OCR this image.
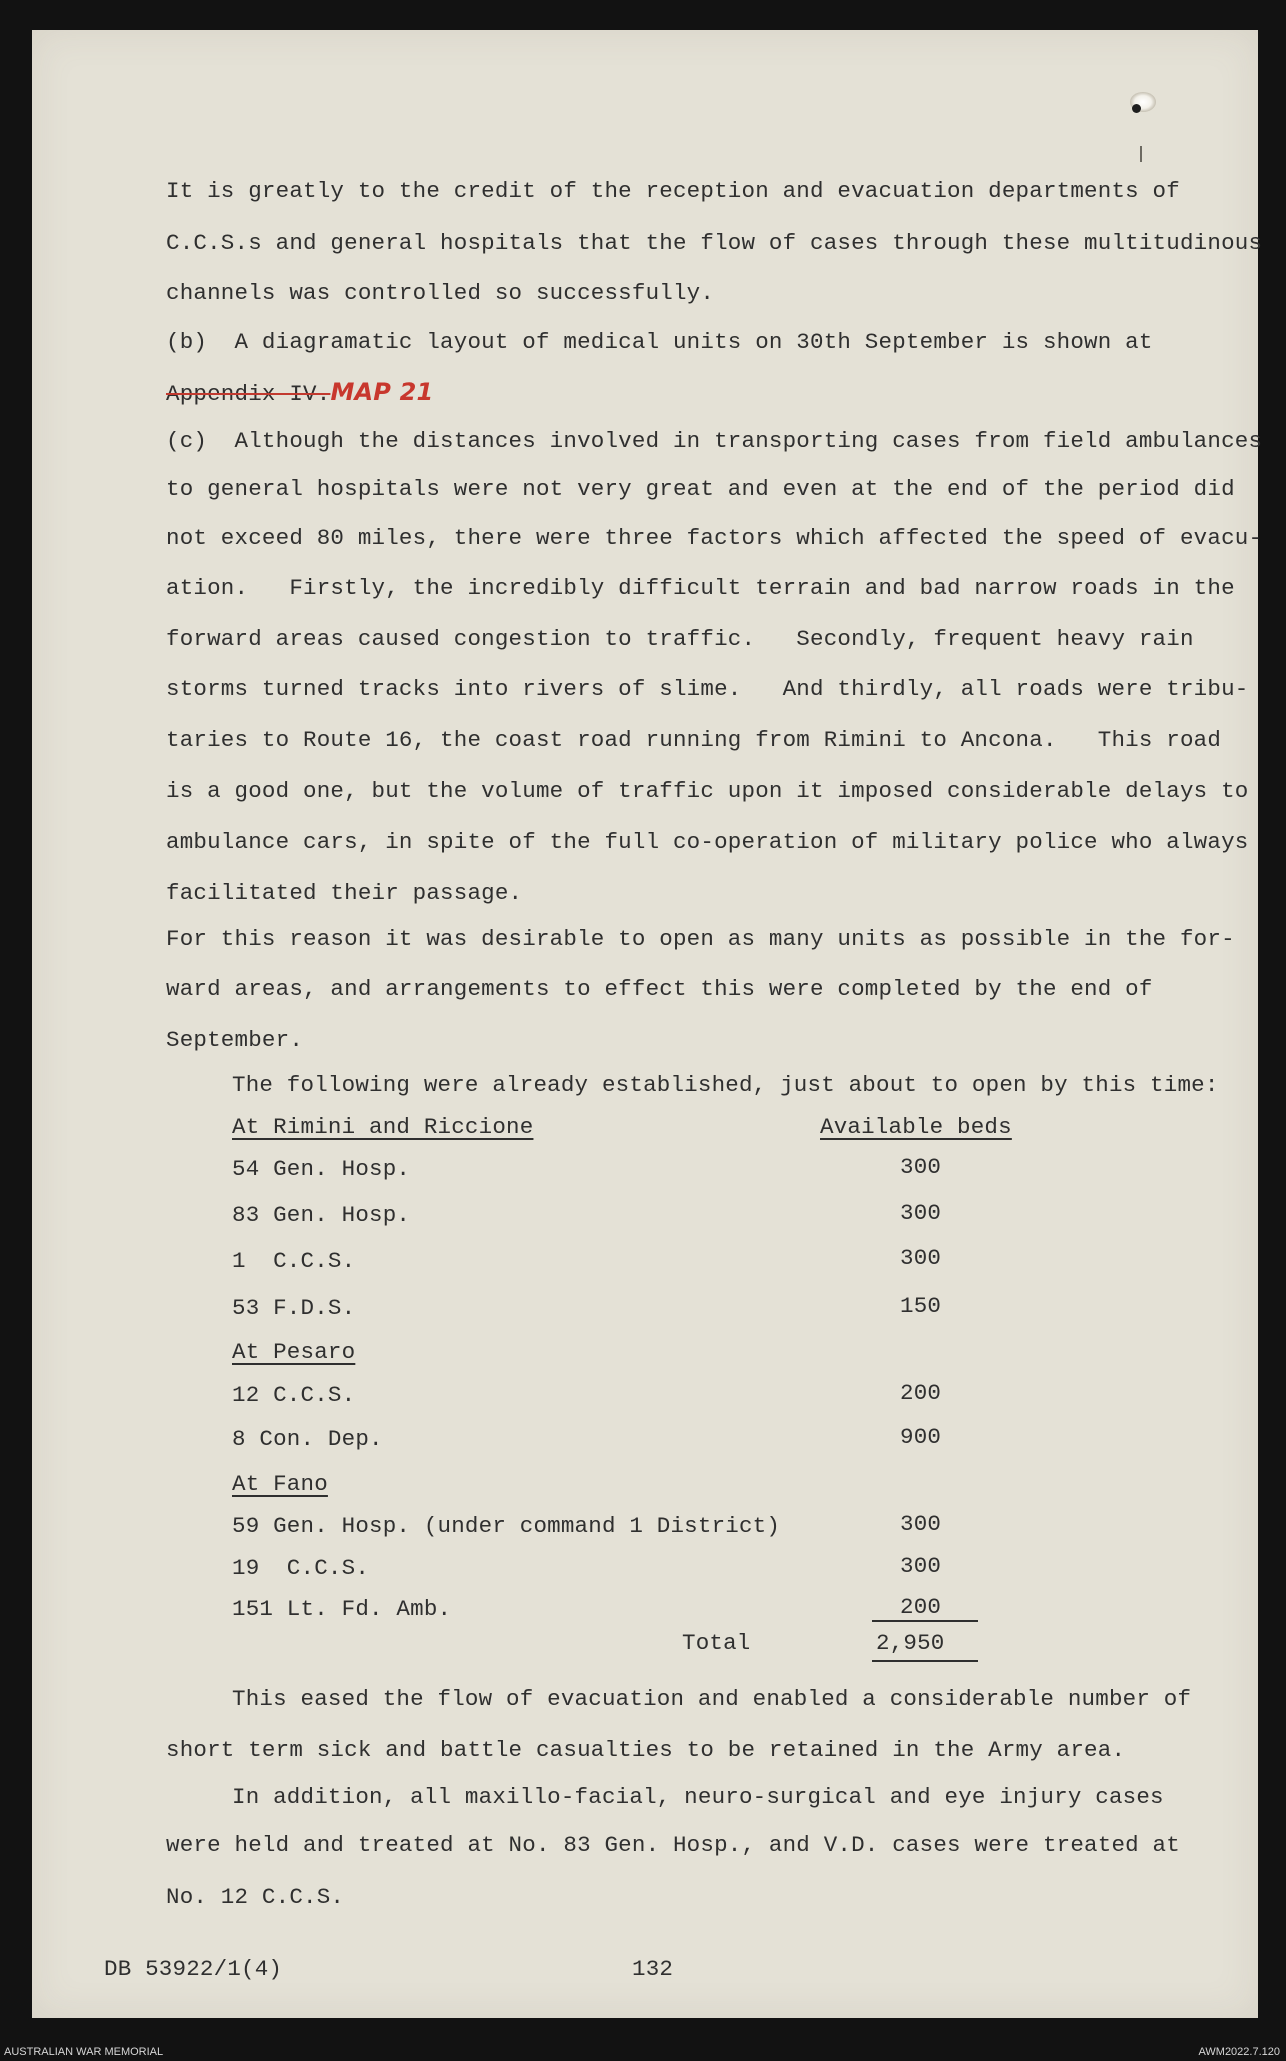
It is greatly to the credit of the reception and evacuation departments of
C.C.S.s and general hospitals that the flow of cases through these multitudinous
channels was controlled so successfully.
(b)  A diagramatic layout of medical units on 30th September is shown at
Appendix IV.MAP 21
(c)  Although the distances involved in transporting cases from field ambulances
to general hospitals were not very great and even at the end of the period did
not exceed 80 miles, there were three factors which affected the speed of evacu-
ation.   Firstly, the incredibly difficult terrain and bad narrow roads in the
forward areas caused congestion to traffic.   Secondly, frequent heavy rain
storms turned tracks into rivers of slime.   And thirdly, all roads were tribu-
taries to Route 16, the coast road running from Rimini to Ancona.   This road
is a good one, but the volume of traffic upon it imposed considerable delays to
ambulance cars, in spite of the full co-operation of military police who always
facilitated their passage.
For this reason it was desirable to open as many units as possible in the for-
ward areas, and arrangements to effect this were completed by the end of
September.
The following were already established, just about to open by this time:
At Rimini and Riccione	Available beds
54 Gen. Hosp.	300
83 Gen. Hosp.	300
1  C.C.S.	300
53 F.D.S.	150
At Pesaro
12 C.C.S.	200
8 Con. Dep.	900
At Fano
59 Gen. Hosp. (under command 1 District)	300
19  C.C.S.	300
151 Lt. Fd. Amb.	200
Total	2,950
This eased the flow of evacuation and enabled a considerable number of
short term sick and battle casualties to be retained in the Army area.
In addition, all maxillo-facial, neuro-surgical and eye injury cases
were held and treated at No. 83 Gen. Hosp., and V.D. cases were treated at
No. 12 C.C.S.
DB 53922/1(4)	132
AUSTRALIAN WAR MEMORIAL	AWM2022.7.120
